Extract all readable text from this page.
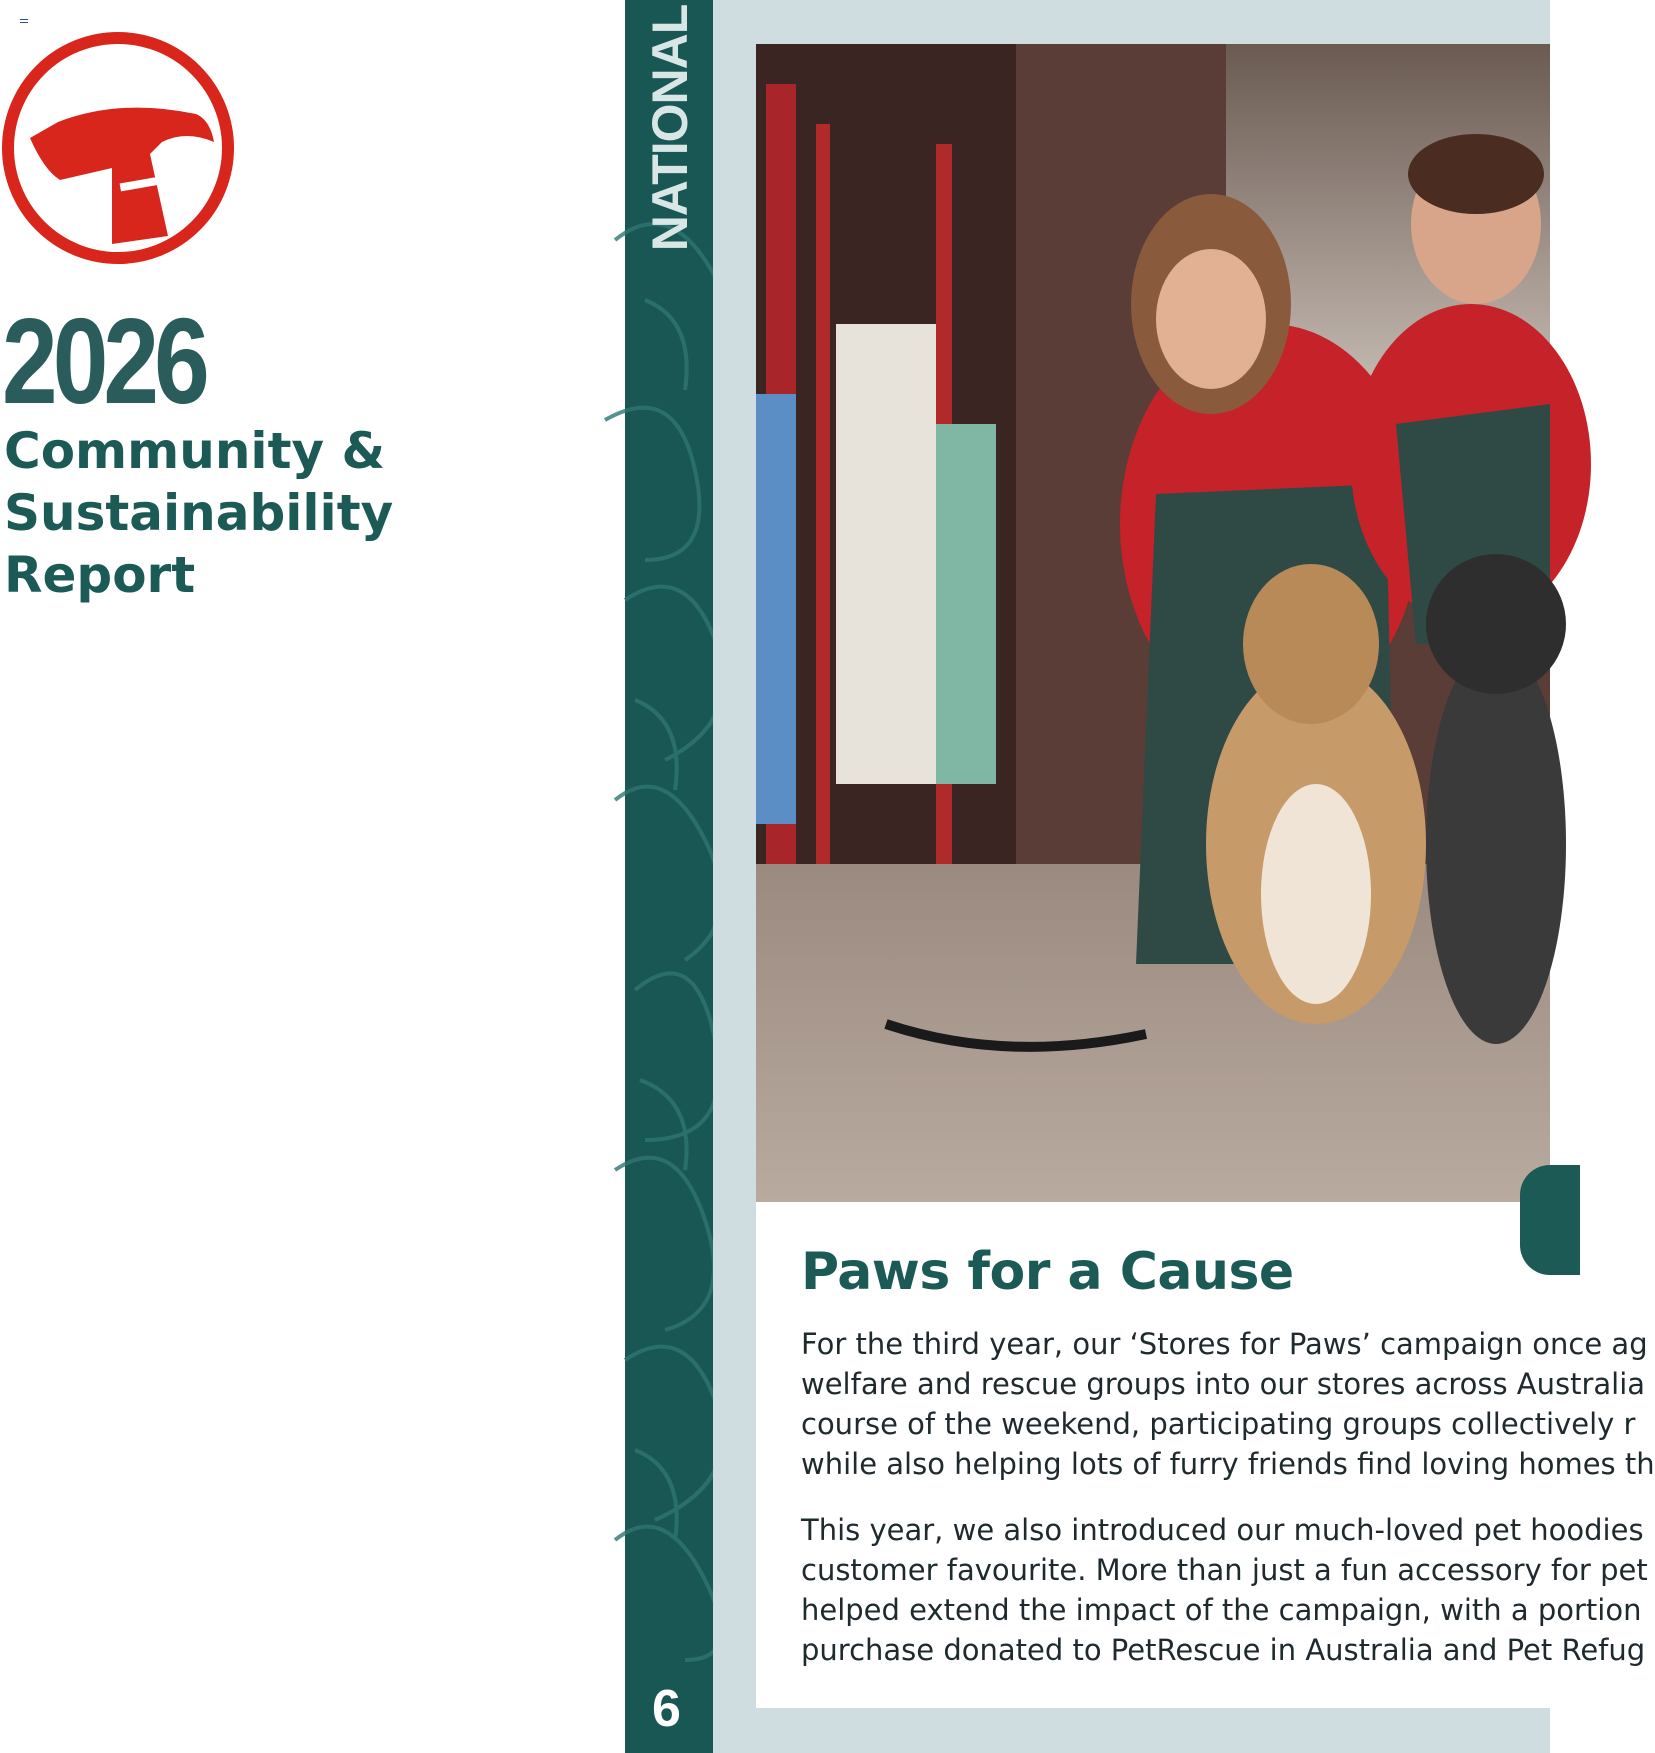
2026
Community &
Sustainability
Report
NATIONAL
6
Paws for a Cause

For the third year, our ‘Stores for Paws’ campaign once ag
welfare and rescue groups into our stores across Australia
course of the weekend, participating groups collectively r
while also helping lots of furry friends find loving homes th

This year, we also introduced our much-loved pet hoodies
customer favourite. More than just a fun accessory for pet
helped extend the impact of the campaign, with a portion
purchase donated to PetRescue in Australia and Pet Refug
